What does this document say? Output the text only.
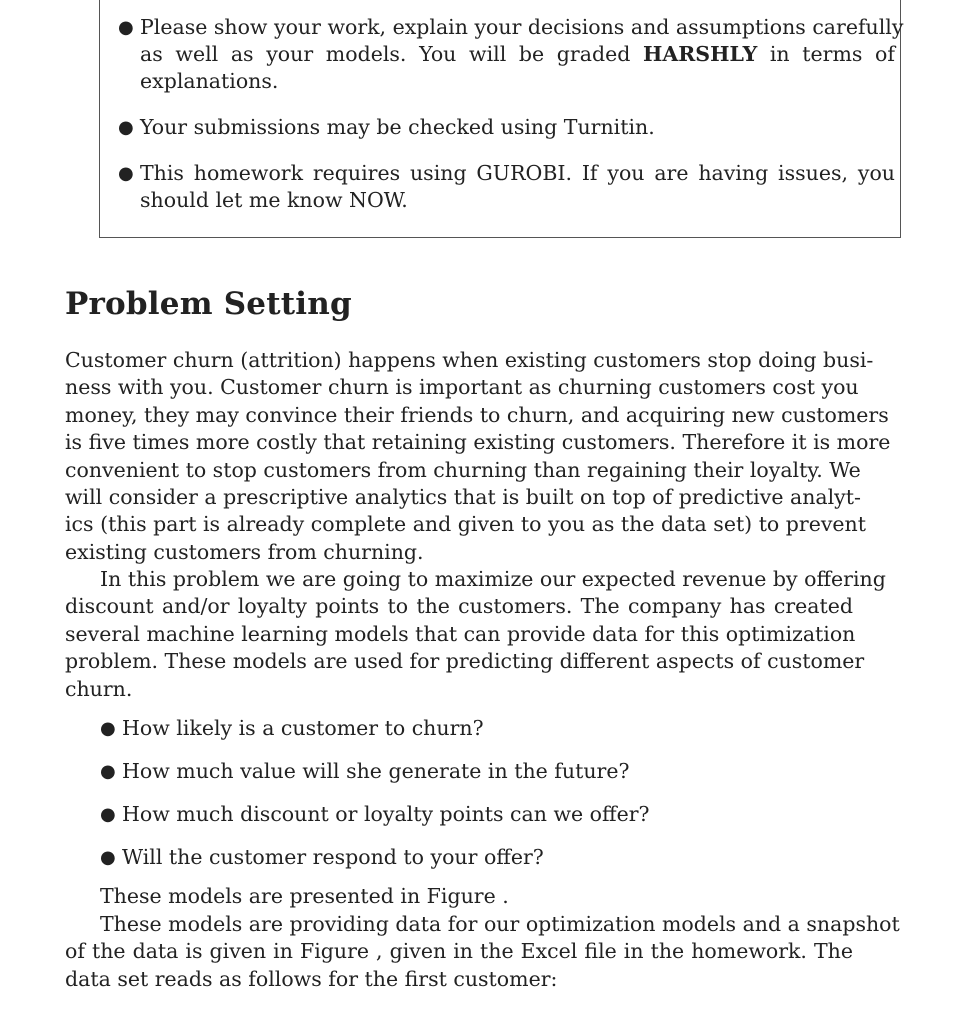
● Please show your work, explain your decisions and assumptions carefully
as well as your models. You will be graded HARSHLY in terms of
explanations.
● Your submissions may be checked using Turnitin.
● This homework requires using GUROBI. If you are having issues, you
should let me know NOW.
Problem Setting
Customer churn (attrition) happens when existing customers stop doing busi-
ness with you. Customer churn is important as churning customers cost you
money, they may convince their friends to churn, and acquiring new customers
is five times more costly that retaining existing customers. Therefore it is more
convenient to stop customers from churning than regaining their loyalty. We
will consider a prescriptive analytics that is built on top of predictive analyt-
ics (this part is already complete and given to you as the data set) to prevent
existing customers from churning.
In this problem we are going to maximize our expected revenue by offering
discount and/or loyalty points to the customers. The company has created
several machine learning models that can provide data for this optimization
problem. These models are used for predicting different aspects of customer
churn.
● How likely is a customer to churn?
● How much value will she generate in the future?
● How much discount or loyalty points can we offer?
● Will the customer respond to your offer?
These models are presented in Figure .
These models are providing data for our optimization models and a snapshot
of the data is given in Figure , given in the Excel file in the homework. The
data set reads as follows for the first customer:
